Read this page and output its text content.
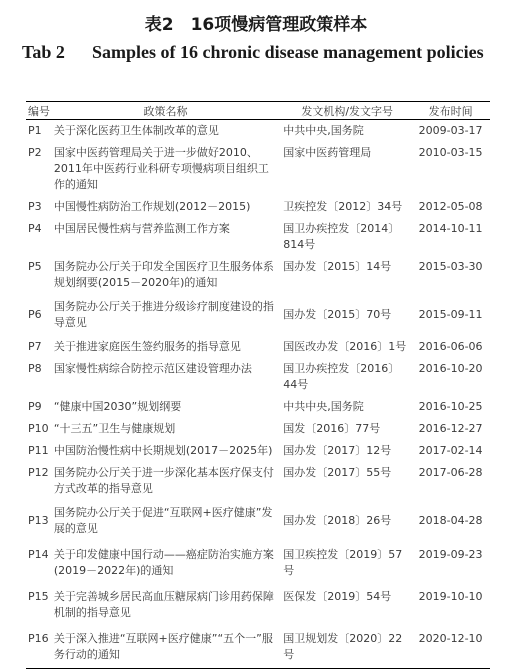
表2　16项慢病管理政策样本
Tab 2 Samples of 16 chronic disease management policies
编号	政策名称	发文机构/发文字号	发布时间
P1	关于深化医药卫生体制改革的意见	中共中央,国务院	2009-03-17
P2	国家中医药管理局关于进一步做好2010、2011年中医药行业科研专项慢病项目组织工作的通知	国家中医药管理局	2010-03-15
P3	中国慢性病防治工作规划(2012－2015)	卫疾控发〔2012〕34号	2012-05-08
P4	中国居民慢性病与营养监测工作方案	国卫办疾控发〔2014〕814号	2014-10-11
P5	国务院办公厅关于印发全国医疗卫生服务体系规划纲要(2015－2020年)的通知	国办发〔2015〕14号	2015-03-30
P6	国务院办公厅关于推进分级诊疗制度建设的指导意见	国办发〔2015〕70号	2015-09-11
P7	关于推进家庭医生签约服务的指导意见	国医改办发〔2016〕1号	2016-06-06
P8	国家慢性病综合防控示范区建设管理办法	国卫办疾控发〔2016〕44号	2016-10-20
P9	“健康中国2030”规划纲要	中共中央,国务院	2016-10-25
P10	“十三五”卫生与健康规划	国发〔2016〕77号	2016-12-27
P11	中国防治慢性病中长期规划(2017－2025年)	国办发〔2017〕12号	2017-02-14
P12	国务院办公厅关于进一步深化基本医疗保支付方式改革的指导意见	国办发〔2017〕55号	2017-06-28
P13	国务院办公厅关于促进“互联网+医疗健康”发展的意见	国办发〔2018〕26号	2018-04-28
P14	关于印发健康中国行动——癌症防治实施方案(2019－2022年)的通知	国卫疾控发〔2019〕57号	2019-09-23
P15	关于完善城乡居民高血压糖尿病门诊用药保障机制的指导意见	医保发〔2019〕54号	2019-10-10
P16	关于深入推进“互联网+医疗健康”“五个一”服务行动的通知	国卫规划发〔2020〕22号	2020-12-10
